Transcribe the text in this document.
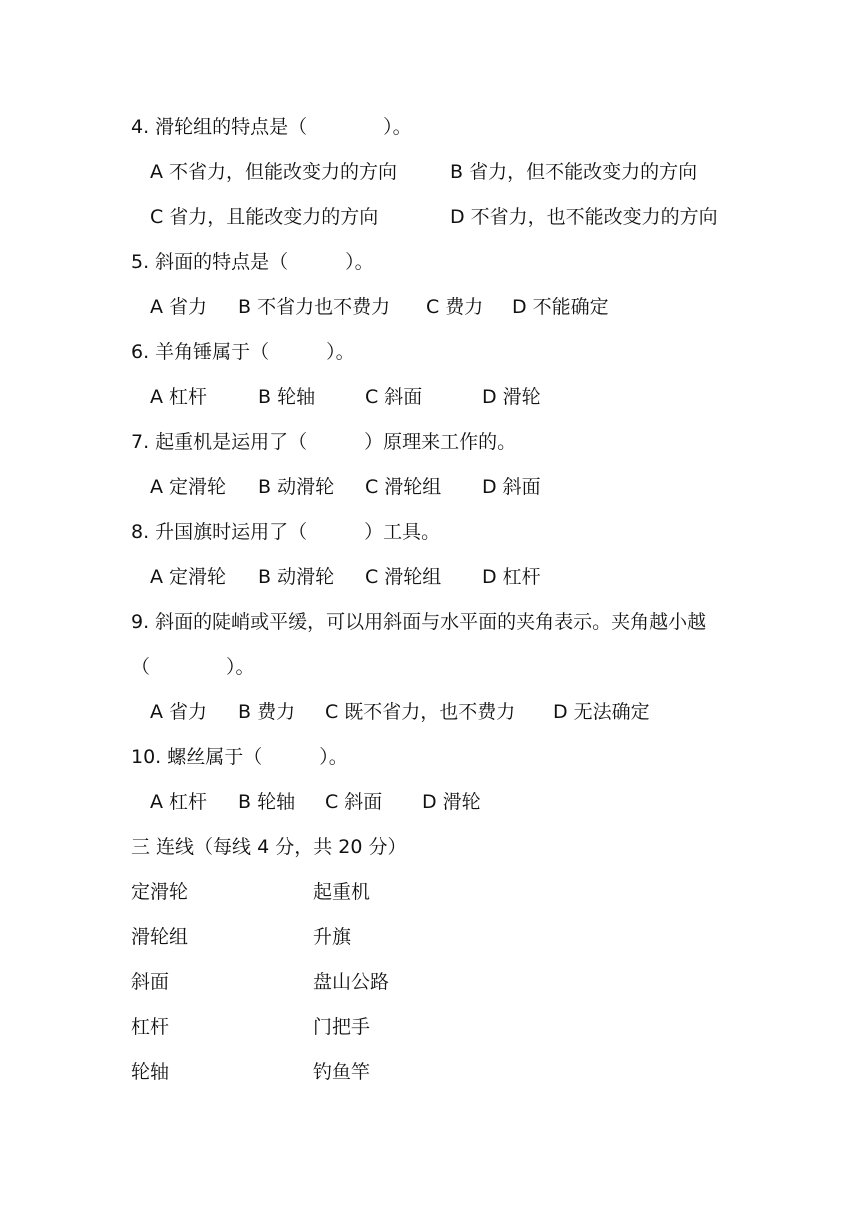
4. 滑轮组的特点是（　　　　）。
A 不省力，但能改变力的方向	B 省力，但不能改变力的方向
C 省力，且能改变力的方向	D 不省力，也不能改变力的方向
5. 斜面的特点是（　　　）。
A 省力 B 不省力也不费力 C 费力 D 不能确定
6. 羊角锤属于（　　　）。
A 杠杆	B 轮轴	C 斜面	D 滑轮
7. 起重机是运用了（　　　）原理来工作的。
A 定滑轮 B 动滑轮 C 滑轮组 D 斜面
8. 升国旗时运用了（　　　）工具。
A 定滑轮 B 动滑轮 C 滑轮组 D 杠杆
9. 斜面的陡峭或平缓，可以用斜面与水平面的夹角表示。夹角越小越
（　　　　）。
A 省力 B 费力 C 既不省力，也不费力 D 无法确定
10. 螺丝属于（　　　）。
A 杠杆 B 轮轴 C 斜面 D 滑轮
三 连线（每线 4 分，共 20 分）
定滑轮	起重机
滑轮组	升旗
斜面	盘山公路
杠杆	门把手
轮轴	钓鱼竿
